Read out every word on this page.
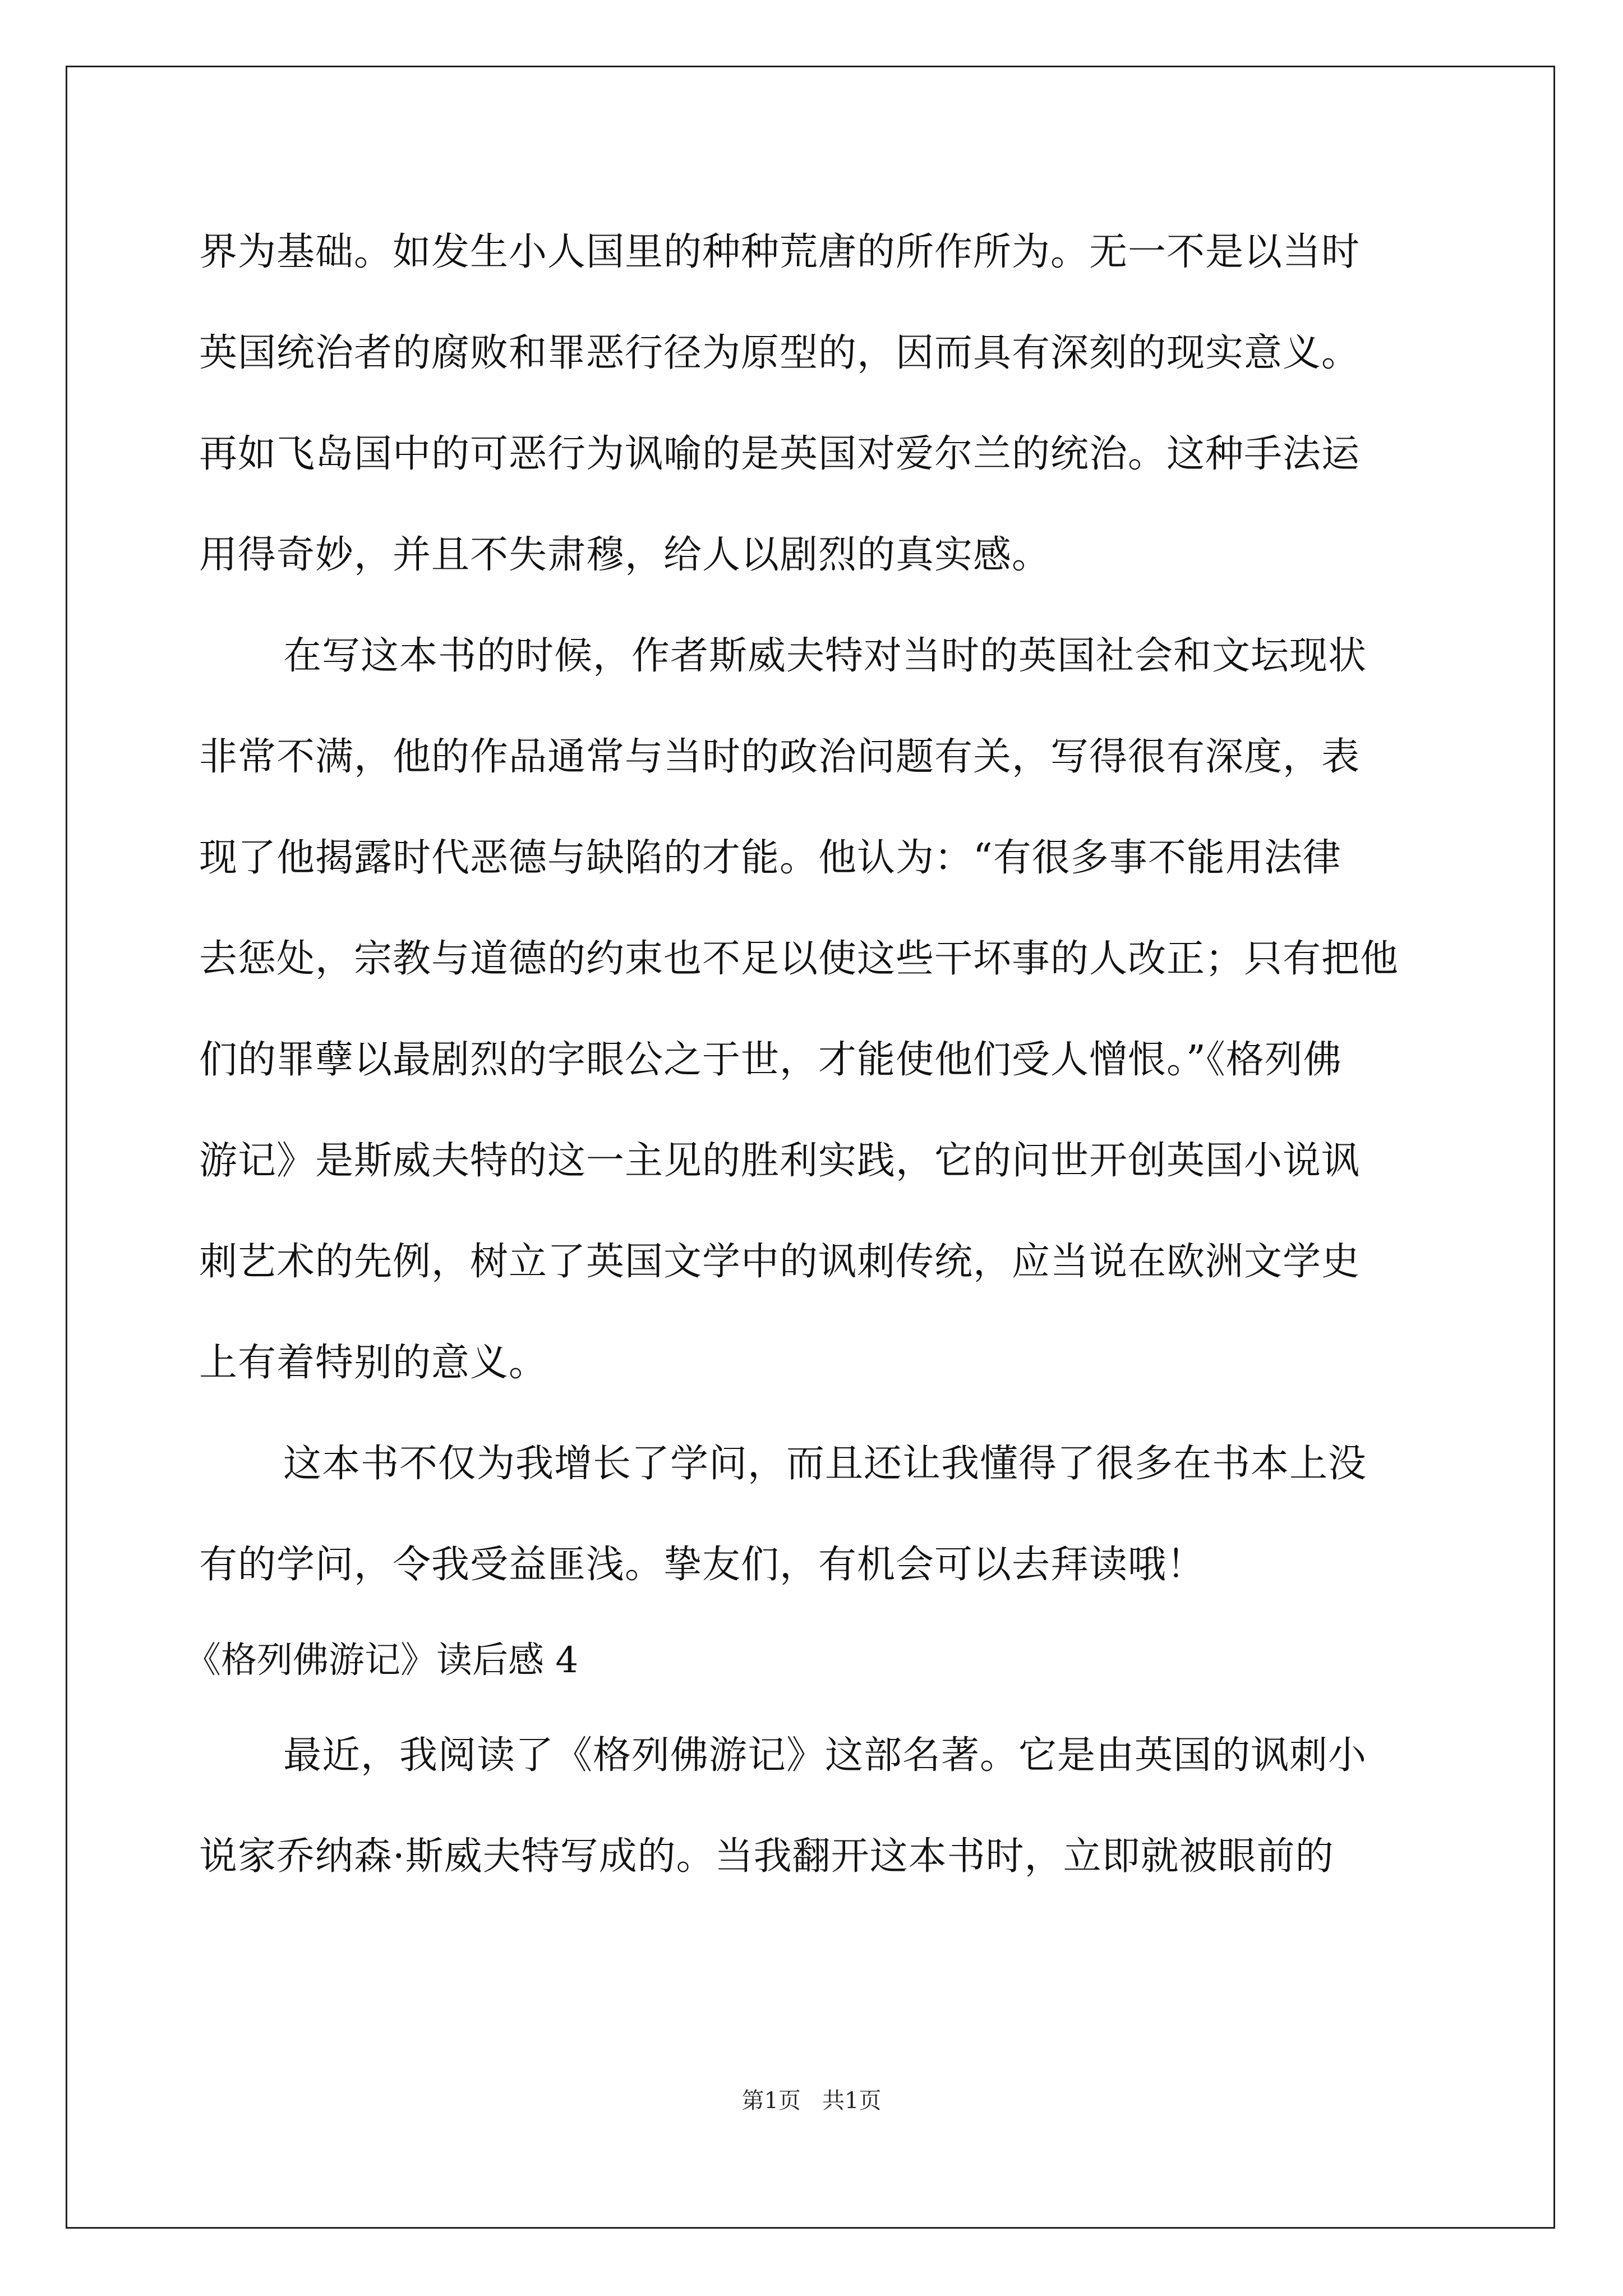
界为基础。如发生小人国里的种种荒唐的所作所为。无一不是以当时
英国统治者的腐败和罪恶行径为原型的，因而具有深刻的现实意义。
再如飞岛国中的可恶行为讽喻的是英国对爱尔兰的统治。这种手法运
用得奇妙，并且不失肃穆，给人以剧烈的真实感。
在写这本书的时候，作者斯威夫特对当时的英国社会和文坛现状
非常不满，他的作品通常与当时的政治问题有关，写得很有深度，表
现了他揭露时代恶德与缺陷的才能。他认为：“有很多事不能用法律
去惩处，宗教与道德的约束也不足以使这些干坏事的人改正；只有把他
们的罪孽以最剧烈的字眼公之于世，才能使他们受人憎恨。”《格列佛
游记》是斯威夫特的这一主见的胜利实践，它的问世开创英国小说讽
刺艺术的先例，树立了英国文学中的讽刺传统，应当说在欧洲文学史
上有着特别的意义。
这本书不仅为我增长了学问，而且还让我懂得了很多在书本上没
有的学问，令我受益匪浅。挚友们，有机会可以去拜读哦！
《格列佛游记》读后感 4
最近，我阅读了《格列佛游记》这部名著。它是由英国的讽刺小
说家乔纳森·斯威夫特写成的。当我翻开这本书时，立即就被眼前的
第1页   共1页
